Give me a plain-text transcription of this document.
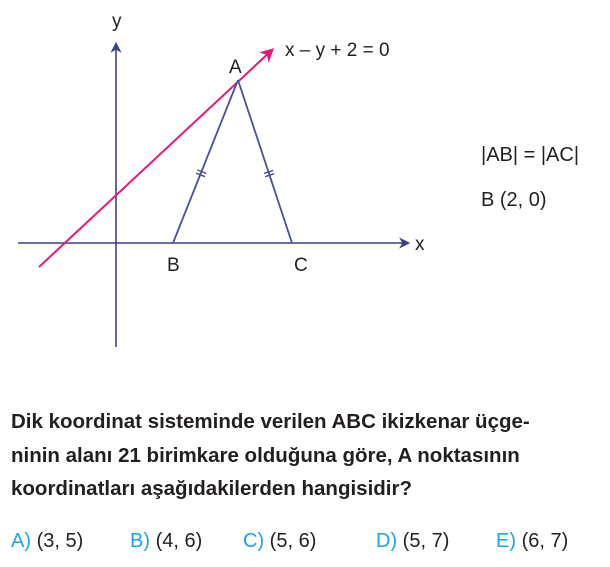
y
x
x – y + 2 = 0
A
B	C
|AB| = |AC|
B (2, 0)
Dik koordinat sisteminde verilen ABC ikizkenar üçge-
ninin alanı 21 birimkare olduğuna göre, A noktasının
koordinatları aşağıdakilerden hangisidir?
A) (3, 5) B) (4, 6) C) (5, 6)	D) (5, 7) E) (6, 7)
